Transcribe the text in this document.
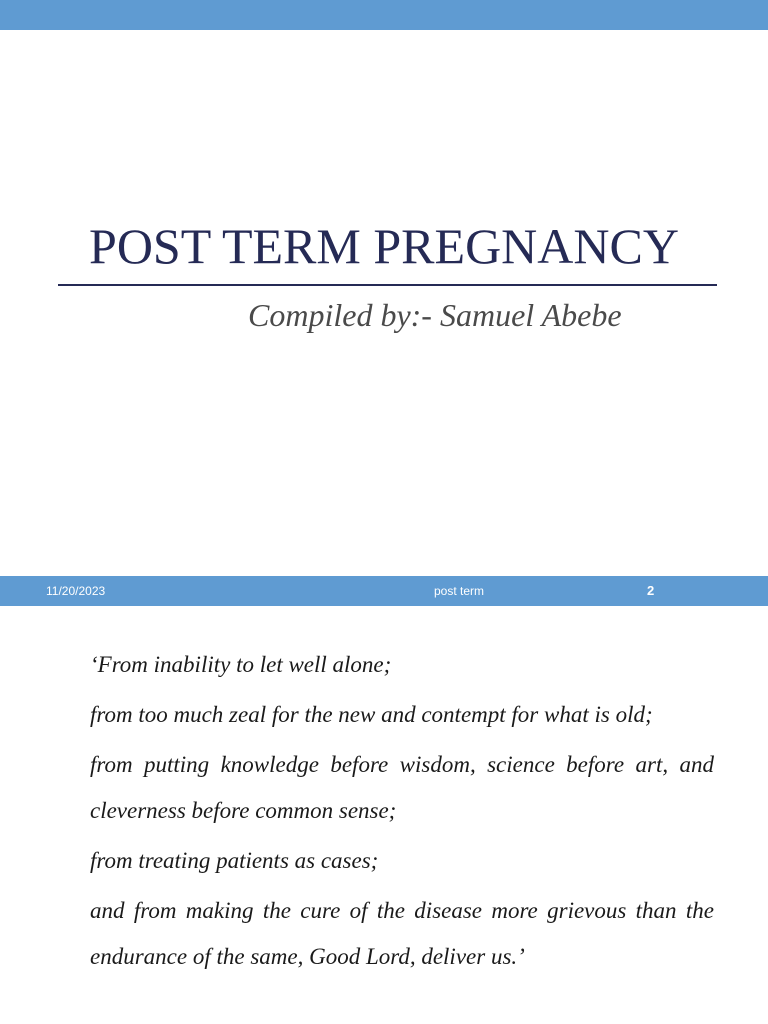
POST TERM PREGNANCY
Compiled by:- Samuel Abebe
11/20/2023	post term	2

‘From inability to let well alone;

from too much zeal for the new and contempt for what is old;

from putting knowledge before wisdom, science before art, and cleverness before common sense;

from treating patients as cases;

and from making the cure of the disease more grievous than the endurance of the same, Good Lord, deliver us.’
